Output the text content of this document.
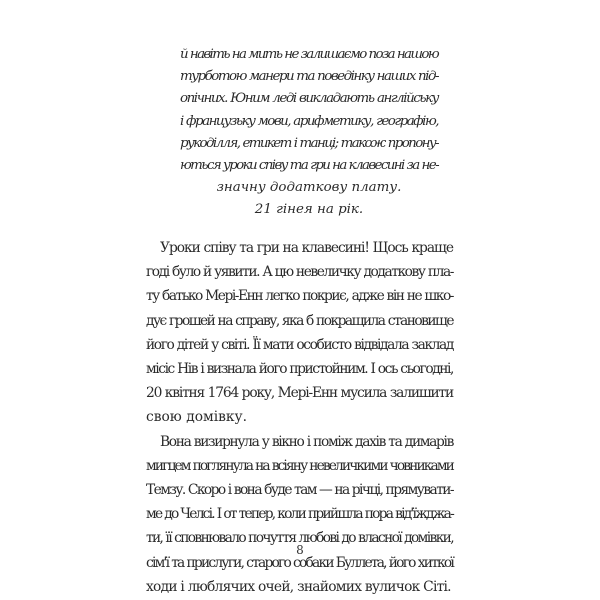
й навіть на мить не залишаємо поза нашою
турботою манери та поведінку наших під-
опічних. Юним леді викладають англійську
і французьку мови, арифметику, географію,
рукоділля, етикет і танці; також пропону-
ються уроки співу та гри на клавесині за не-
значну додаткову плату.
21 гінея на рік.
Уроки співу та гри на клавесині! Щось краще
годі було й уявити. А цю невеличку додаткову пла-
ту батько Мері-Енн легко покриє, адже він не шко-
дує грошей на справу, яка б покращила становище
його дітей у світі. Її мати особисто відвідала заклад
місіс Нів і визнала його пристойним. І ось сьогодні,
20 квітня 1764 року, Мері-Енн мусила залишити
свою домівку.
Вона визирнула у вікно і поміж дахів та димарів
мигцем поглянула на всіяну невеличкими човниками
Темзу. Скоро і вона буде там — на річці, прямувати-
ме до Челсі. І от тепер, коли прийшла пора від'їжджа-
ти, її сповнювало почуття любові до власної домівки,
сім'ї та прислуги, старого собаки Буллета, його хиткої
ходи і люблячих очей, знайомих вуличок Сіті.
8
